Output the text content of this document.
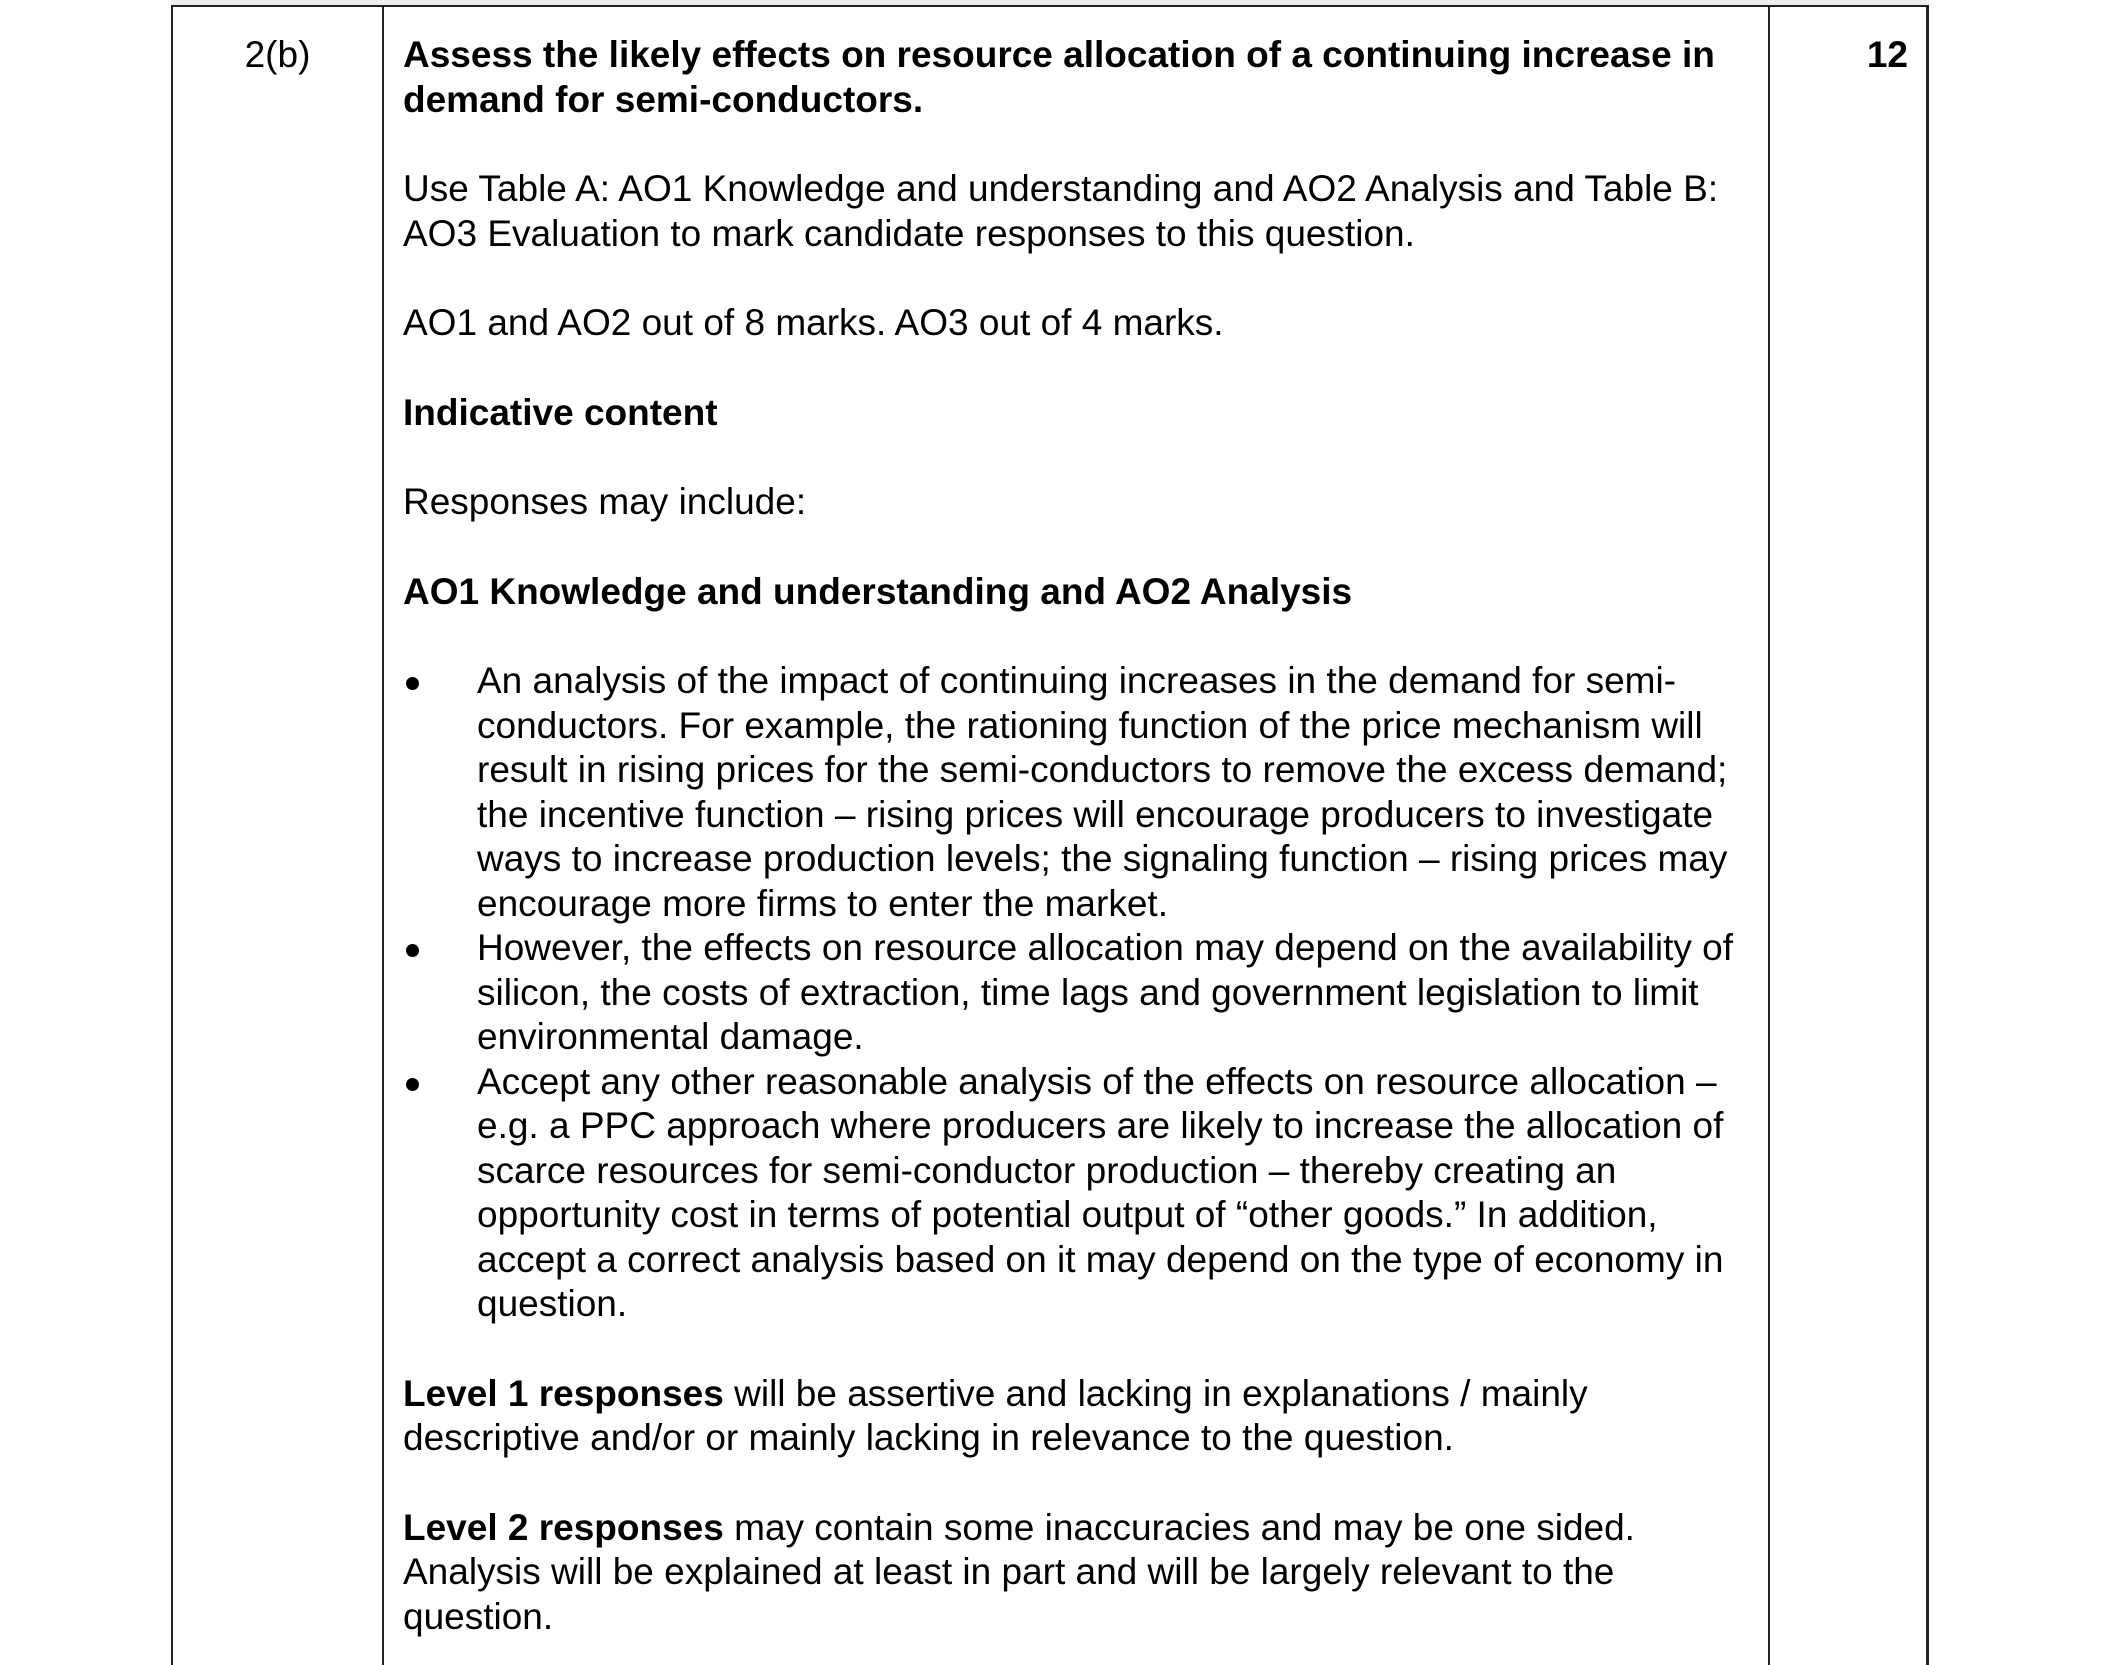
2(b)	12

Assess the likely effects on resource allocation of a continuing increase in demand for semi-conductors.

Use Table A: AO1 Knowledge and understanding and AO2 Analysis and Table B: AO3 Evaluation to mark candidate responses to this question.

AO1 and AO2 out of 8 marks. AO3 out of 4 marks.

Indicative content

Responses may include:

AO1 Knowledge and understanding and AO2 Analysis

An analysis of the impact of continuing increases in the demand for semi-conductors. For example, the rationing function of the price mechanism will result in rising prices for the semi-conductors to remove the excess demand; the incentive function – rising prices will encourage producers to investigate ways to increase production levels; the signaling function – rising prices may encourage more firms to enter the market.
However, the effects on resource allocation may depend on the availability of silicon, the costs of extraction, time lags and government legislation to limit environmental damage.
Accept any other reasonable analysis of the effects on resource allocation – e.g. a PPC approach where producers are likely to increase the allocation of scarce resources for semi-conductor production – thereby creating an opportunity cost in terms of potential output of “other goods.” In addition, accept a correct analysis based on it may depend on the type of economy in question.

Level 1 responses will be assertive and lacking in explanations / mainly descriptive and/or or mainly lacking in relevance to the question.

Level 2 responses may contain some inaccuracies and may be one sided. Analysis will be explained at least in part and will be largely relevant to the question.
